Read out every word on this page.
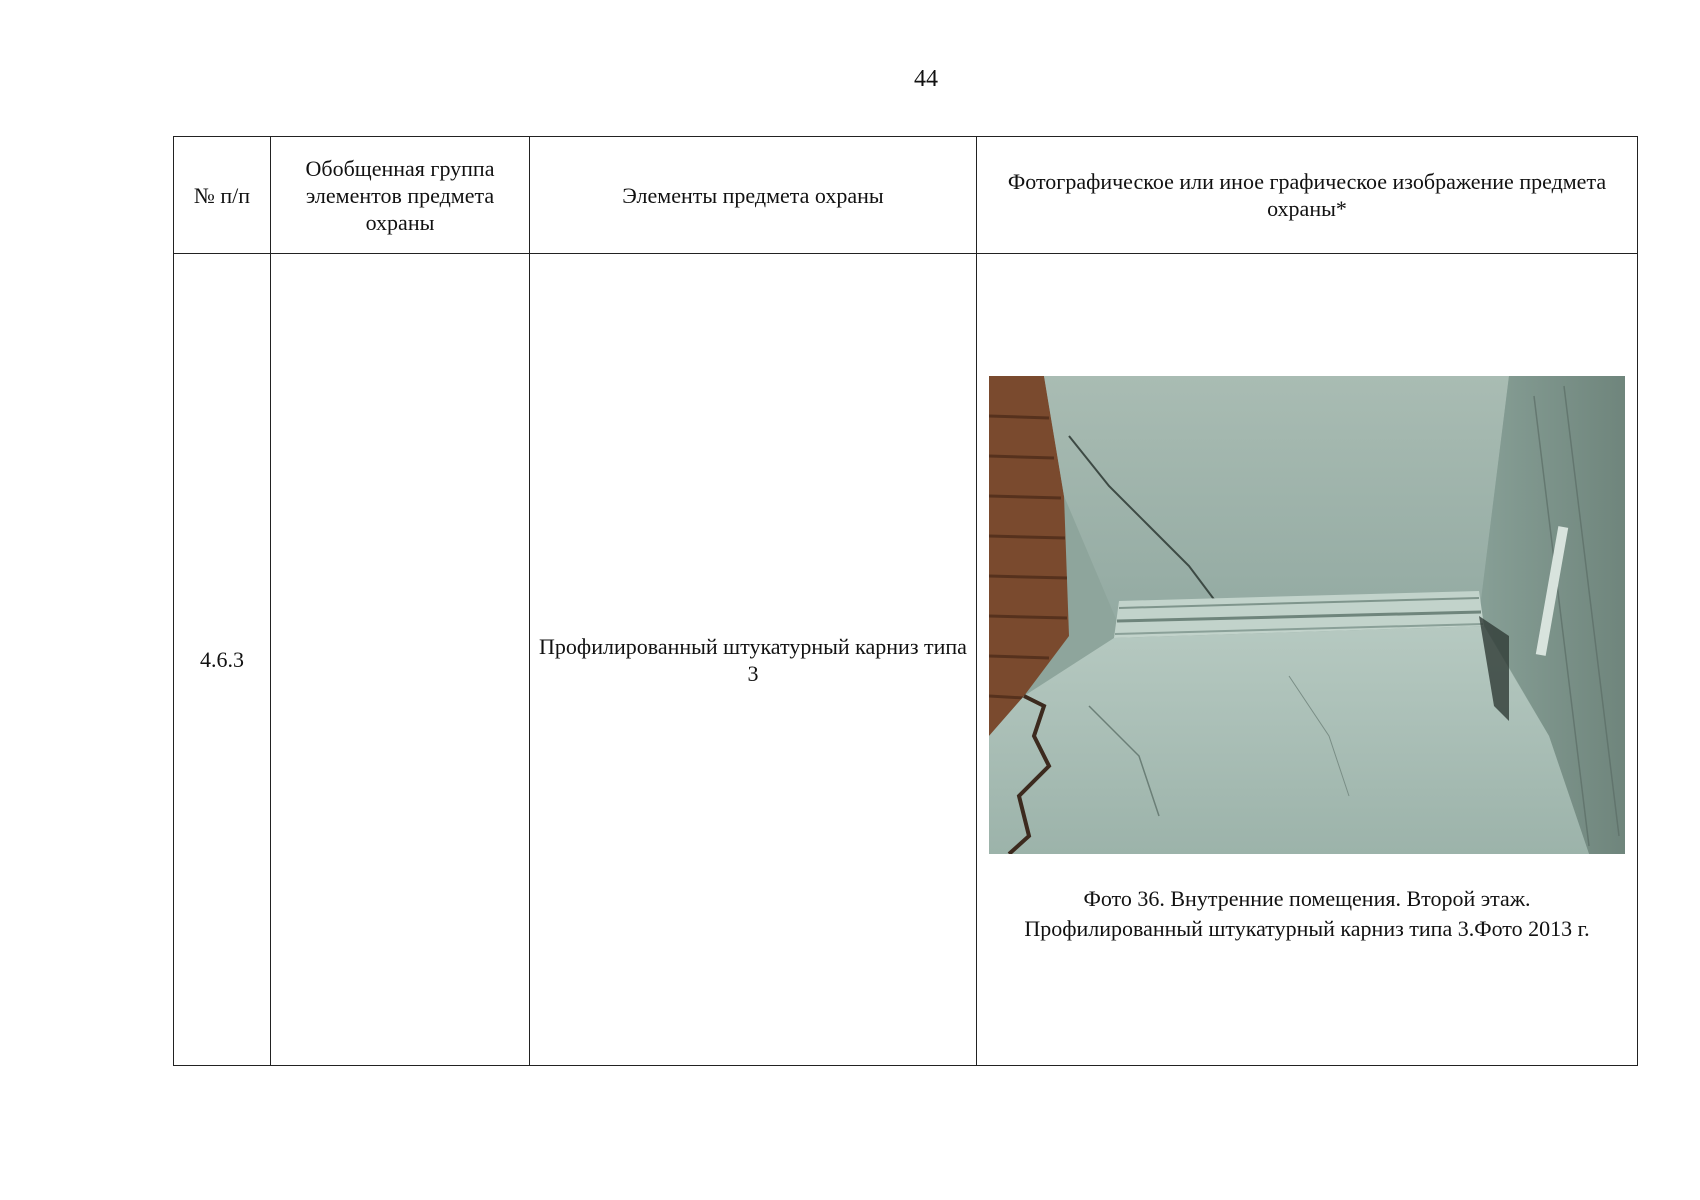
44
№ п/п	Обобщенная группа элементов предмета охраны	Элементы предмета охраны	Фотографическое или иное графическое изображение предмета охраны*
4.6.3		Профилированный штукатурный карниз типа 3	Фото 36. Внутренние помещения. Второй этаж.
Профилированный штукатурный карниз типа 3.Фото 2013 г.
